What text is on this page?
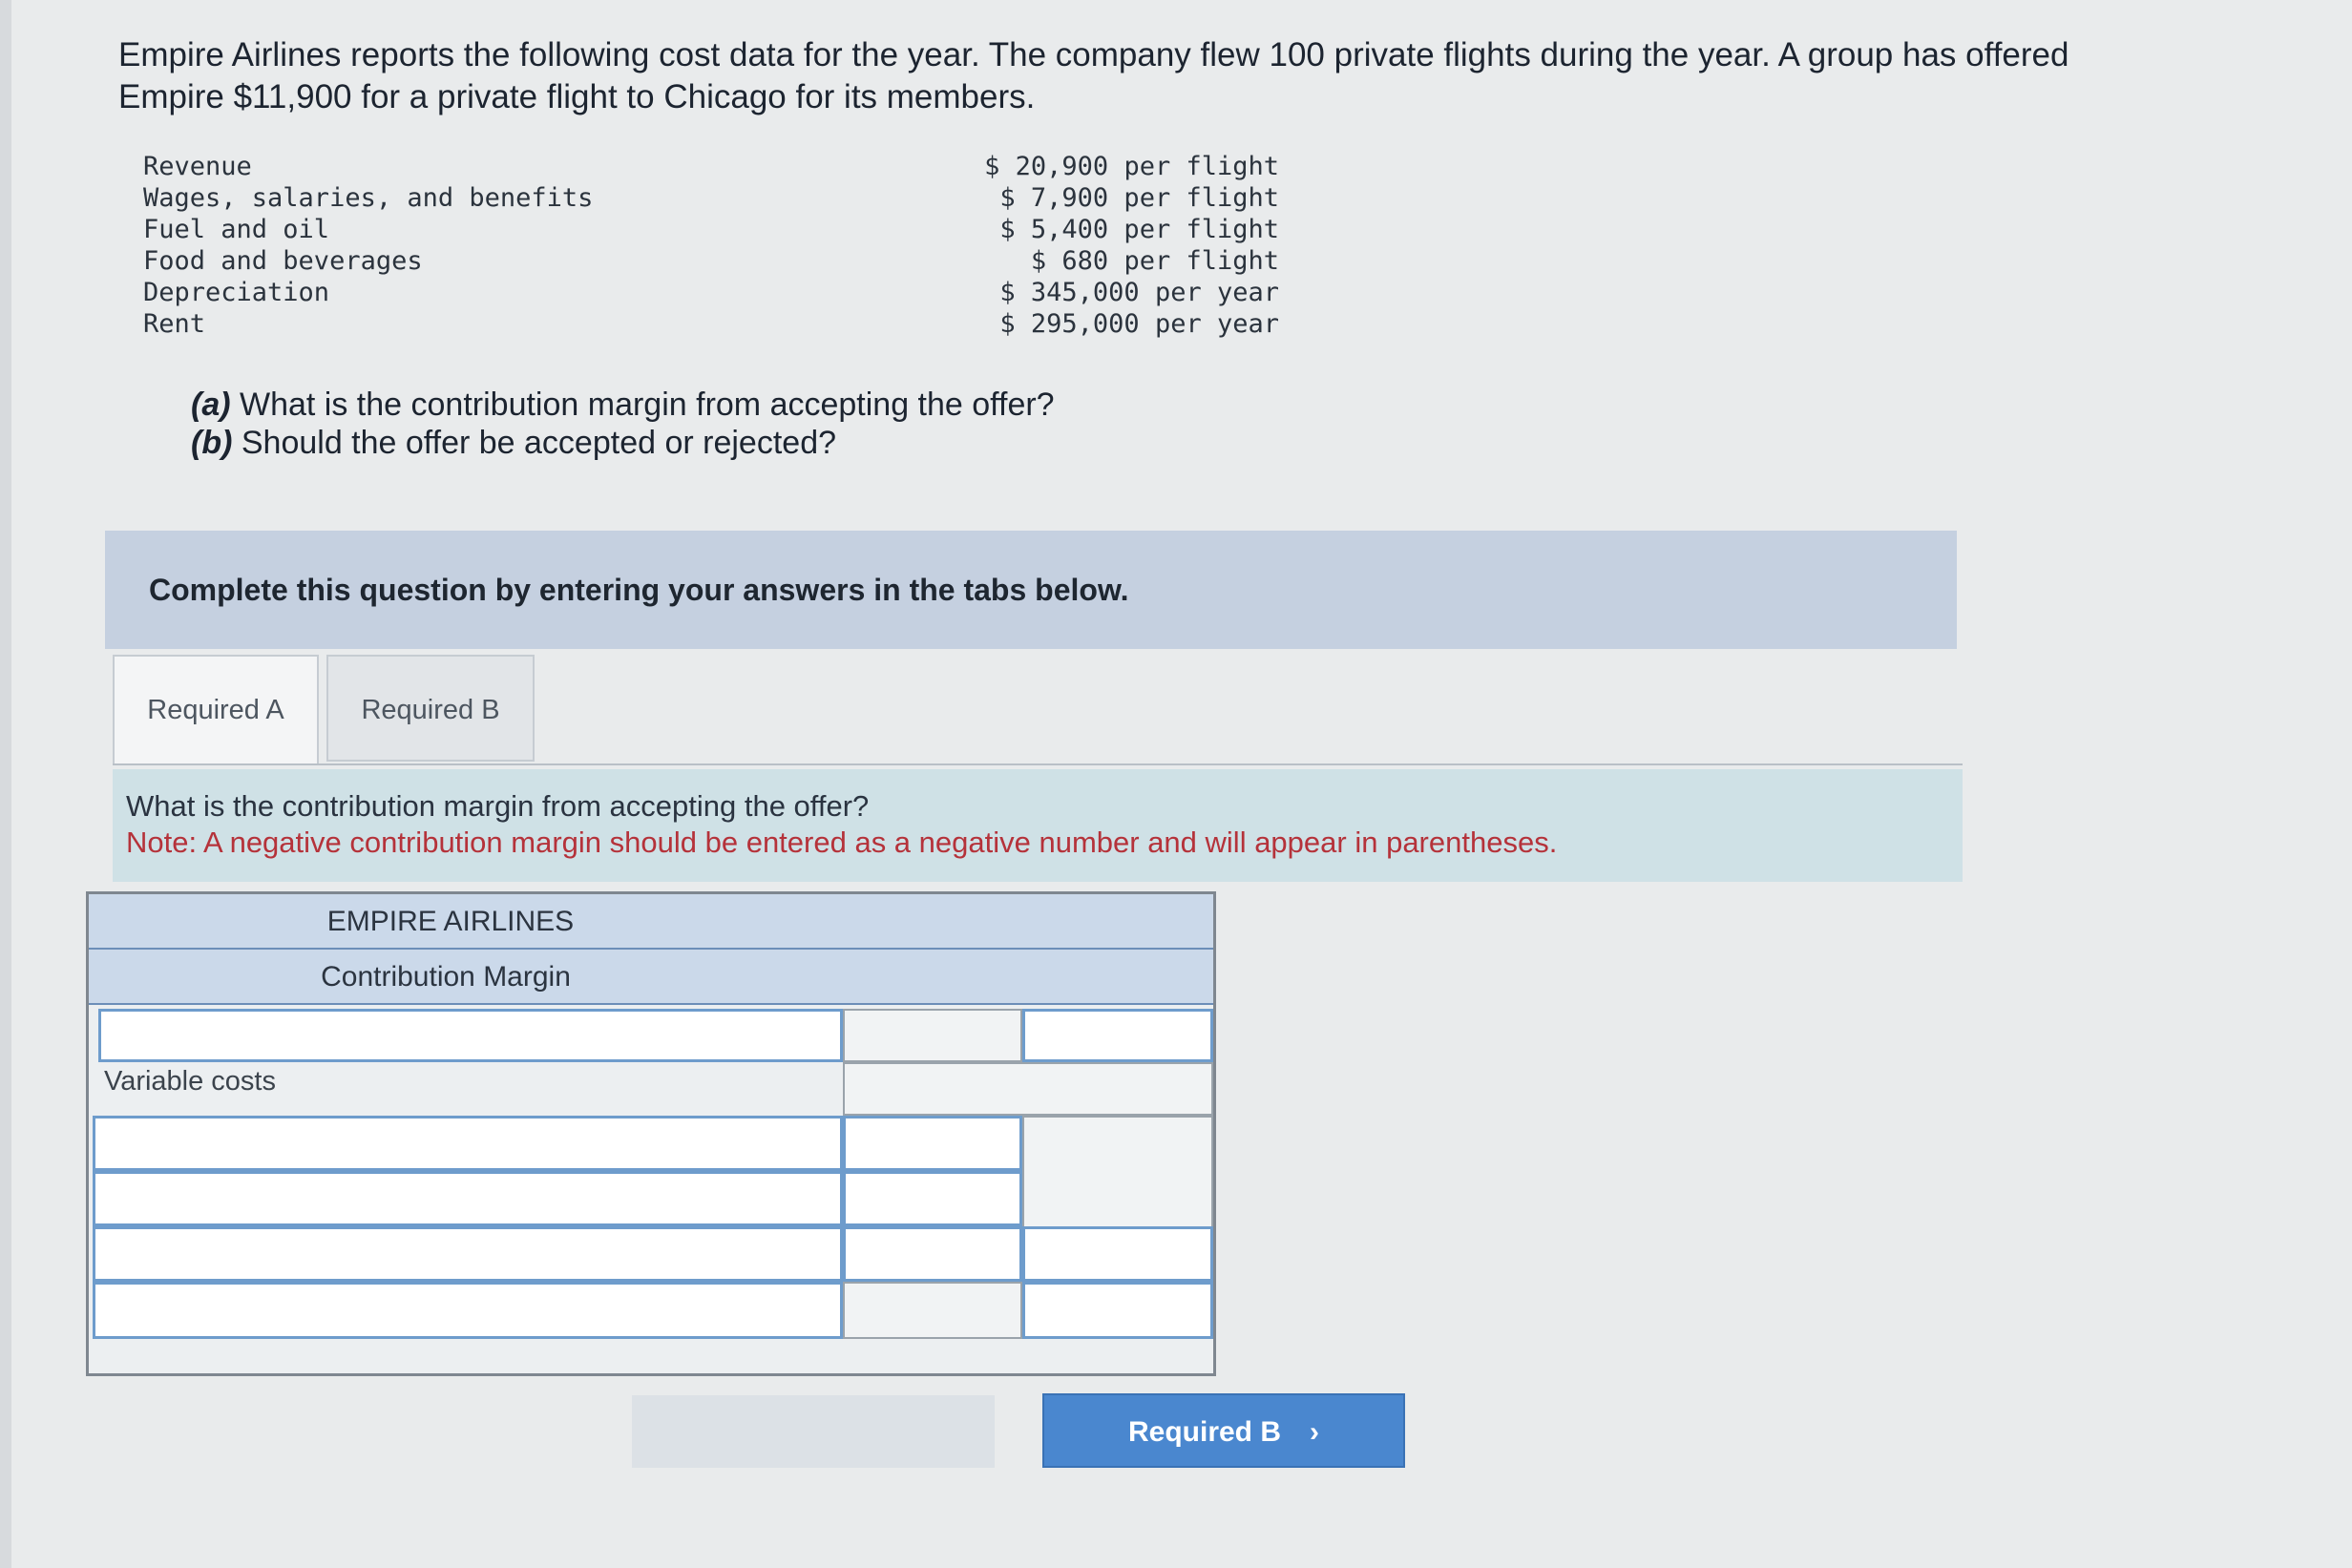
Empire Airlines reports the following cost data for the year. The company flew 100 private flights during the year. A group has offered
Empire $11,900 for a private flight to Chicago for its members.
Revenue	$ 20,900 per flight
Wages, salaries, and benefits	$ 7,900 per flight
Fuel and oil	$ 5,400 per flight
Food and beverages	$ 680 per flight
Depreciation	$ 345,000 per year
Rent	$ 295,000 per year
(a) What is the contribution margin from accepting the offer?
(b) Should the offer be accepted or rejected?
Complete this question by entering your answers in the tabs below.
Required A	Required B
What is the contribution margin from accepting the offer?
Note: A negative contribution margin should be entered as a negative number and will appear in parentheses.
EMPIRE AIRLINES
Contribution Margin
Variable costs
Required B ›
